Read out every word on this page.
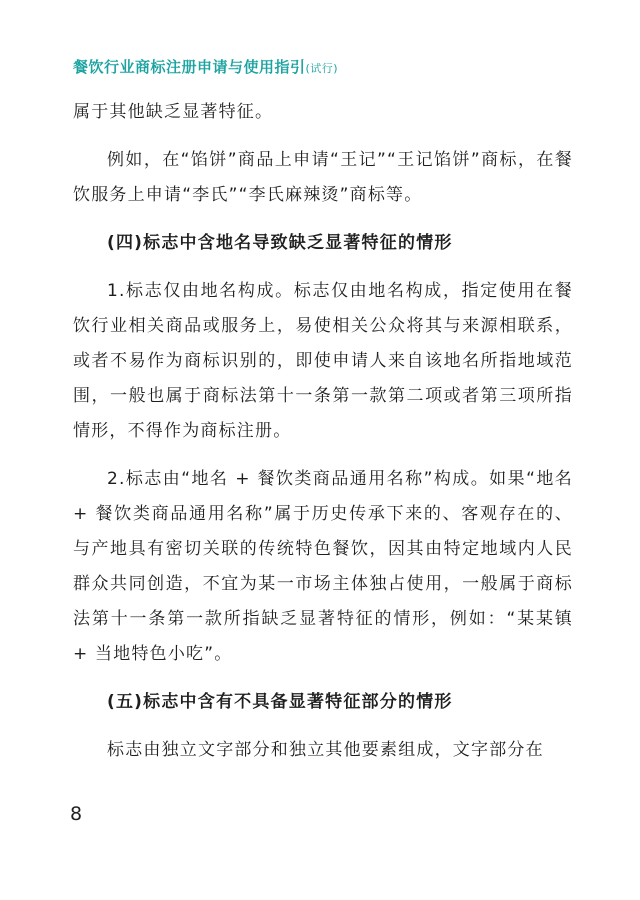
餐饮行业商标注册申请与使用指引(试行)

属于其他缺乏显著特征。

例如，在“馅饼”商品上申请“王记”“王记馅饼”商标，在餐饮服务上申请“李氏”“李氏麻辣烫”商标等。

(四)标志中含地名导致缺乏显著特征的情形

1.标志仅由地名构成。标志仅由地名构成，指定使用在餐饮行业相关商品或服务上，易使相关公众将其与来源相联系，或者不易作为商标识别的，即使申请人来自该地名所指地域范围，一般也属于商标法第十一条第一款第二项或者第三项所指情形，不得作为商标注册。

2.标志由“地名 + 餐饮类商品通用名称”构成。如果“地名 + 餐饮类商品通用名称”属于历史传承下来的、客观存在的、与产地具有密切关联的传统特色餐饮，因其由特定地域内人民群众共同创造，不宜为某一市场主体独占使用，一般属于商标法第十一条第一款所指缺乏显著特征的情形，例如：“某某镇 + 当地特色小吃”。

(五)标志中含有不具备显著特征部分的情形

标志由独立文字部分和独立其他要素组成，文字部分在

8
